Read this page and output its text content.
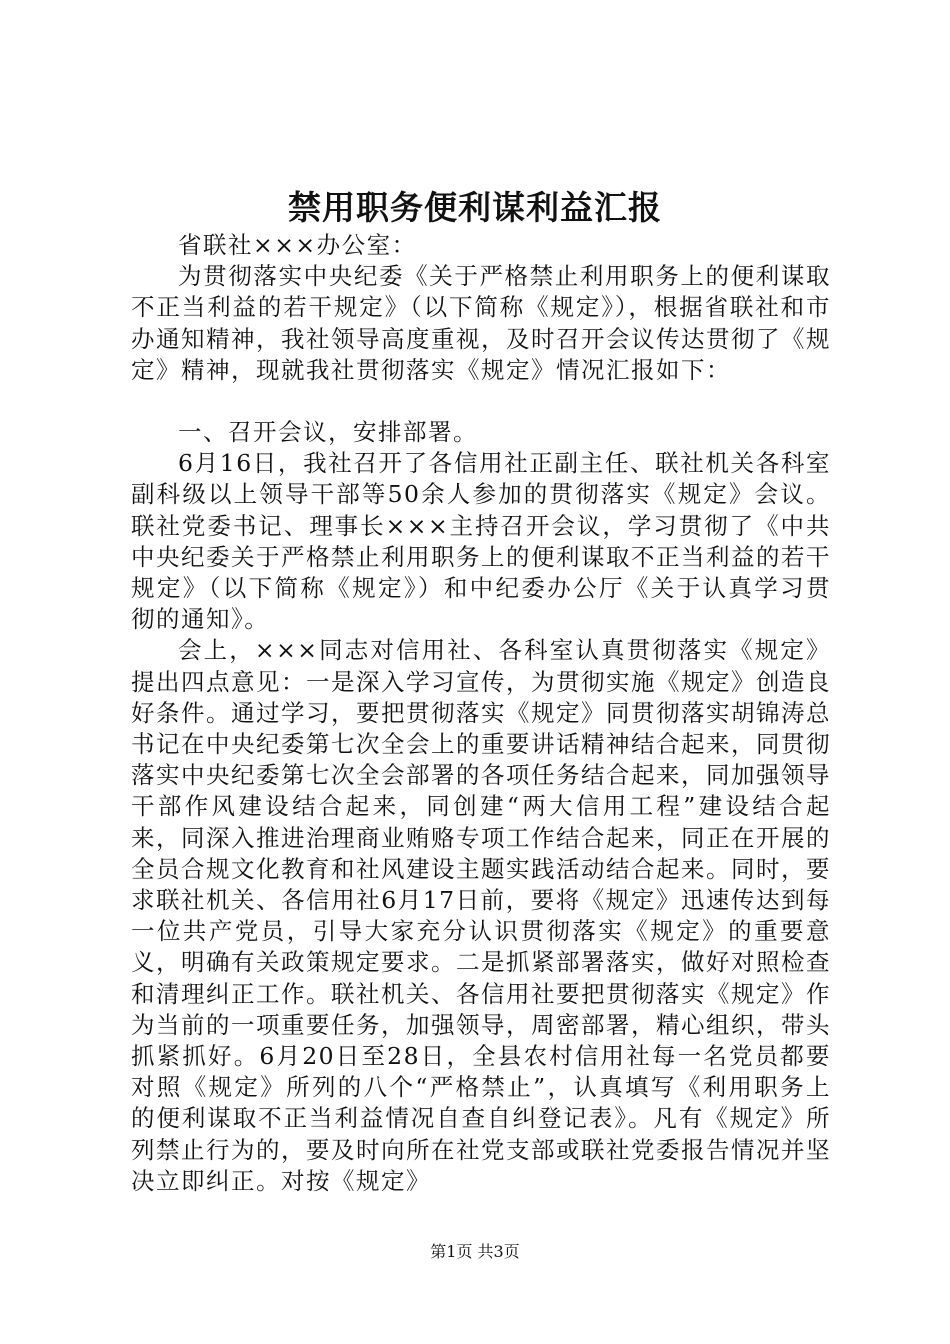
禁用职务便利谋利益汇报

省联社×××办公室：

为贯彻落实中央纪委《关于严格禁止利用职务上的便利谋取不正当利益的若干规定》（以下简称《规定》），根据省联社和市办通知精神，我社领导高度重视，及时召开会议传达贯彻了《规定》精神，现就我社贯彻落实《规定》情况汇报如下：

一、召开会议，安排部署。

6月16日，我社召开了各信用社正副主任、联社机关各科室副科级以上领导干部等50余人参加的贯彻落实《规定》会议。联社党委书记、理事长×××主持召开会议，学习贯彻了《中共中央纪委关于严格禁止利用职务上的便利谋取不正当利益的若干规定》（以下简称《规定》）和中纪委办公厅《关于认真学习贯彻的通知》。

会上，×××同志对信用社、各科室认真贯彻落实《规定》提出四点意见：一是深入学习宣传，为贯彻实施《规定》创造良好条件。通过学习，要把贯彻落实《规定》同贯彻落实胡锦涛总书记在中央纪委第七次全会上的重要讲话精神结合起来，同贯彻落实中央纪委第七次全会部署的各项任务结合起来，同加强领导干部作风建设结合起来，同创建“两大信用工程”建设结合起来，同深入推进治理商业贿赂专项工作结合起来，同正在开展的全员合规文化教育和社风建设主题实践活动结合起来。同时，要求联社机关、各信用社6月17日前，要将《规定》迅速传达到每一位共产党员，引导大家充分认识贯彻落实《规定》的重要意义，明确有关政策规定要求。二是抓紧部署落实，做好对照检查和清理纠正工作。联社机关、各信用社要把贯彻落实《规定》作为当前的一项重要任务，加强领导，周密部署，精心组织，带头抓紧抓好。6月20日至28日，全县农村信用社每一名党员都要对照《规定》所列的八个“严格禁止”，认真填写《利用职务上的便利谋取不正当利益情况自查自纠登记表》。凡有《规定》所列禁止行为的，要及时向所在社党支部或联社党委报告情况并坚决立即纠正。对按《规定》

第1页 共3页
